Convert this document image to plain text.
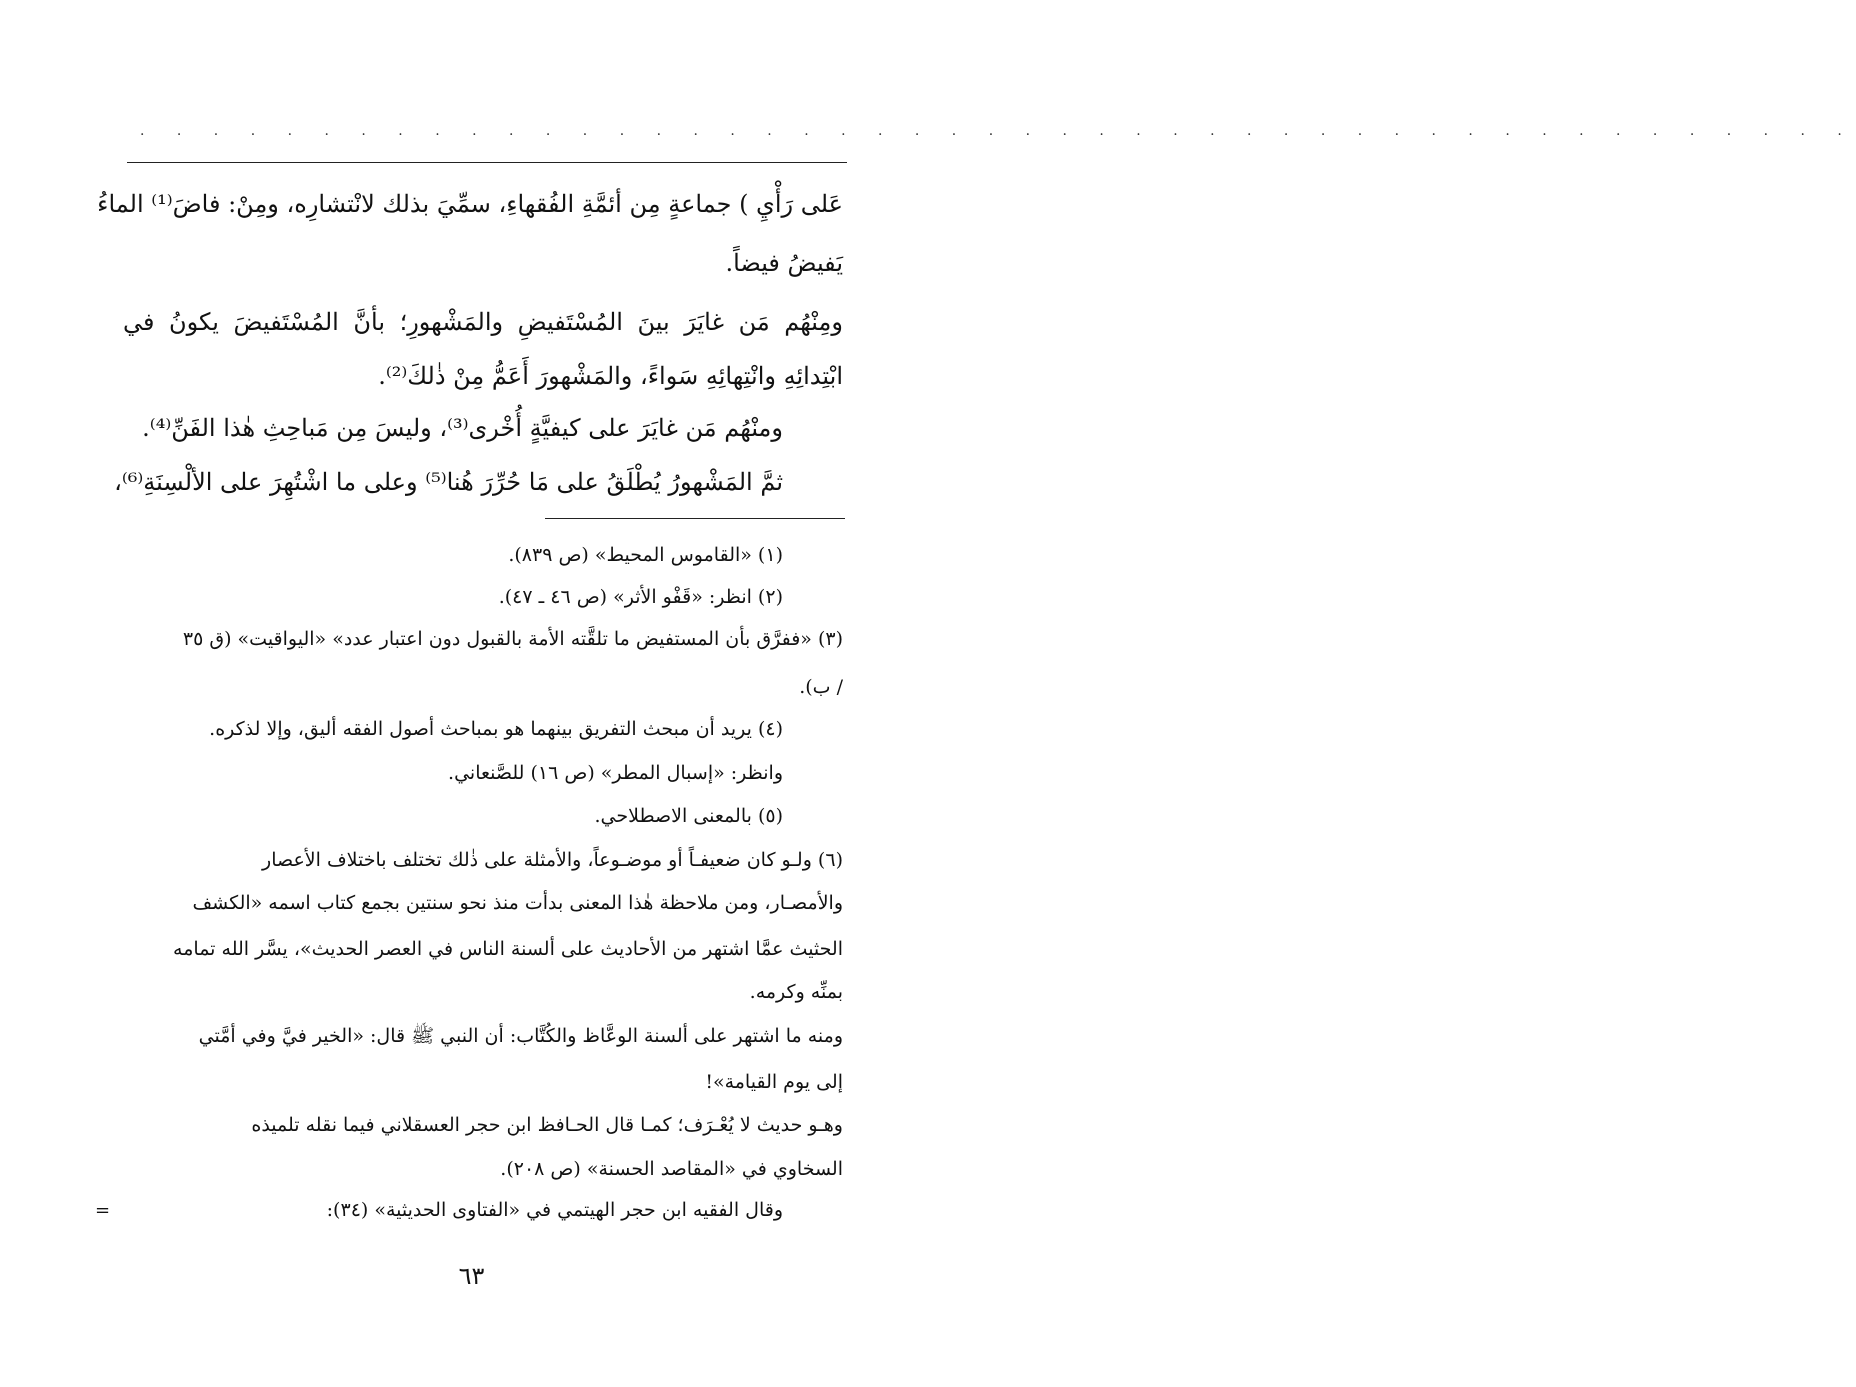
· · · · · · · · · · · · · · · · · · · · · · · · · · · · · · · · · · · · · · · · · · · · · · ·
عَلى رَأْيِ ) جماعةٍ مِن أئمَّةِ الفُقهاءِ، سمِّيَ بذلك لانْتشارِه، ومِنْ: فاضَ⁽¹⁾ الماءُ
يَفيضُ فيضاً.
ومِنْهُم مَن غايَرَ بينَ المُسْتَفيضِ والمَشْهورِ؛ بأنَّ المُسْتَفيضَ يكونُ في
ابْتِدائِهِ وانْتِهائِهِ سَواءً، والمَشْهورَ أَعَمُّ مِنْ ذٰلكَ⁽²⁾.
ومنْهُم مَن غايَرَ على كيفيَّةٍ أُخْرى⁽³⁾، وليسَ مِن مَباحِثِ هٰذا الفَنِّ⁽⁴⁾.
ثمَّ المَشْهورُ يُطْلَقُ على مَا حُرِّرَ هُنا⁽⁵⁾ وعلى ما اشْتُهِرَ على الألْسِنَةِ⁽⁶⁾،
(١) «القاموس المحيط» (ص ٨٣٩).
(٢) انظر: «قَفْو الأثر» (ص ٤٦ ـ ٤٧).
(٣) «ففرَّق بأن المستفيض ما تلقَّته الأمة بالقبول دون اعتبار عدد» «اليواقيت» (ق ٣٥
/ ب).
(٤) يريد أن مبحث التفريق بينهما هو بمباحث أصول الفقه أليق، وإلا لذكره.
وانظر: «إسبال المطر» (ص ١٦) للصَّنعاني.
(٥) بالمعنى الاصطلاحي.
(٦) ولـو كان ضعيفـاً أو موضـوعاً، والأمثلة على ذٰلك تختلف باختلاف الأعصار
والأمصـار، ومن ملاحظة هٰذا المعنى بدأت منذ نحو سنتين بجمع كتاب اسمه «الكشف
الحثيث عمَّا اشتهر من الأحاديث على ألسنة الناس في العصر الحديث»، يسَّر الله تمامه
بمنِّه وكرمه.
ومنه ما اشتهر على ألسنة الوعَّاظ والكُتَّاب: أن النبي ﷺ قال: «الخير فيَّ وفي أمَّتي
إلى يوم القيامة»!
وهـو حديث لا يُعْـرَف؛ كمـا قال الحـافظ ابن حجر العسقلاني فيما نقله تلميذه
السخاوي في «المقاصد الحسنة» (ص ٢٠٨).
وقال الفقيه ابن حجر الهيتمي في «الفتاوى الحديثية» (٣٤):
=
٦٣
